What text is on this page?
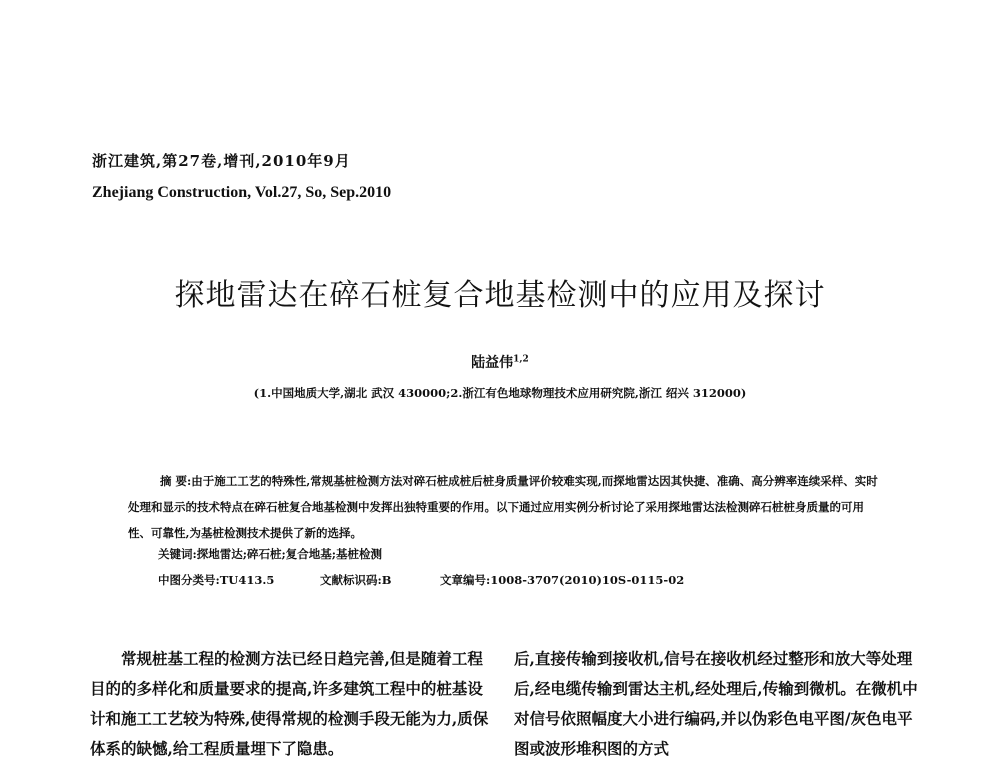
浙江建筑,第27卷,增刊,2010年9月
Zhejiang Construction, Vol.27, So, Sep.2010
探地雷达在碎石桩复合地基检测中的应用及探讨
陆益伟$^{1,2}$
(1.中国地质大学,湖北 武汉 430000;2.浙江有色地球物理技术应用研究院,浙江 绍兴 312000)
摘 要:由于施工工艺的特殊性,常规基桩检测方法对碎石桩成桩后桩身质量评价较难实现,而探地雷达因其快捷、准确、高分辨率连续采样、实时处理和显示的技术特点在碎石桩复合地基检测中发挥出独特重要的作用。以下通过应用实例分析讨论了采用探地雷达法检测碎石桩桩身质量的可用性、可靠性,为基桩检测技术提供了新的选择。
关键词:探地雷达;碎石桩;复合地基;基桩检测
中图分类号:TU413.5	文献标识码:B	文章编号:1008-3707(2010)10S-0115-02
常规桩基工程的检测方法已经日趋完善,但是随着工程目的的多样化和质量要求的提高,许多建筑工程中的桩基设计和施工工艺较为特殊,使得常规的检测手段无能为力,质保体系的缺憾,给工程质量埋下了隐患。
后,直接传输到接收机,信号在接收机经过整形和放大等处理后,经电缆传输到雷达主机,经处理后,传输到微机。在微机中对信号依照幅度大小进行编码,并以伪彩色电平图/灰色电平图或波形堆积图的方式
